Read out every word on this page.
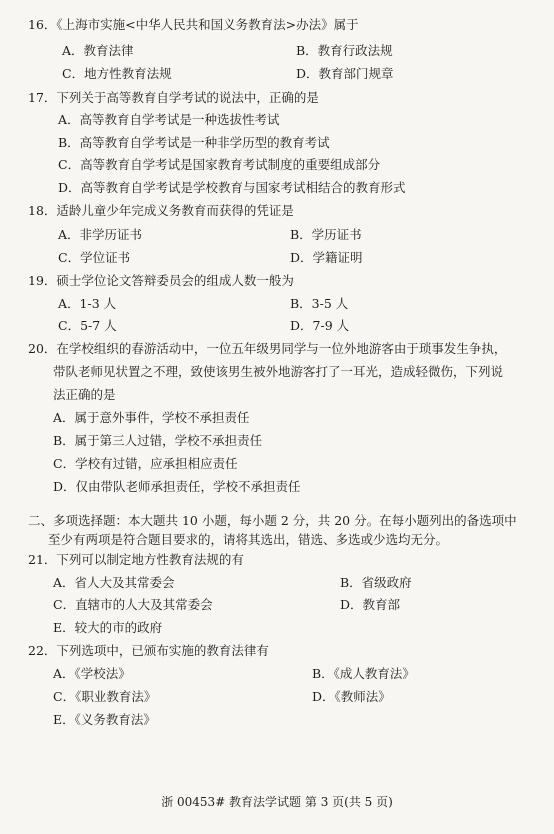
16．《上海市实施<中华人民共和国义务教育法>办法》属于
A．教育法律	B．教育行政法规
C．地方性教育法规	D．教育部门规章
17．下列关于高等教育自学考试的说法中，正确的是
A．高等教育自学考试是一种选拔性考试
B．高等教育自学考试是一种非学历型的教育考试
C．高等教育自学考试是国家教育考试制度的重要组成部分
D．高等教育自学考试是学校教育与国家考试相结合的教育形式
18．适龄儿童少年完成义务教育而获得的凭证是
A．非学历证书	B．学历证书
C．学位证书	D．学籍证明
19．硕士学位论文答辩委员会的组成人数一般为
A．1-3 人	B．3-5 人
C．5-7 人	D．7-9 人
20．在学校组织的春游活动中，一位五年级男同学与一位外地游客由于琐事发生争执，
带队老师见状置之不理，致使该男生被外地游客打了一耳光，造成轻微伤，下列说
法正确的是
A．属于意外事件，学校不承担责任
B．属于第三人过错，学校不承担责任
C．学校有过错，应承担相应责任
D．仅由带队老师承担责任，学校不承担责任
二、多项选择题：本大题共 10 小题，每小题 2 分，共 20 分。在每小题列出的备选项中
至少有两项是符合题目要求的，请将其选出，错选、多选或少选均无分。
21．下列可以制定地方性教育法规的有
A．省人大及其常委会	B．省级政府
C．直辖市的人大及其常委会	D．教育部
E．较大的市的政府
22．下列选项中，已颁布实施的教育法律有
A．《学校法》	B．《成人教育法》
C．《职业教育法》	D．《教师法》
E．《义务教育法》
浙 00453# 教育法学试题 第 3 页(共 5 页)
